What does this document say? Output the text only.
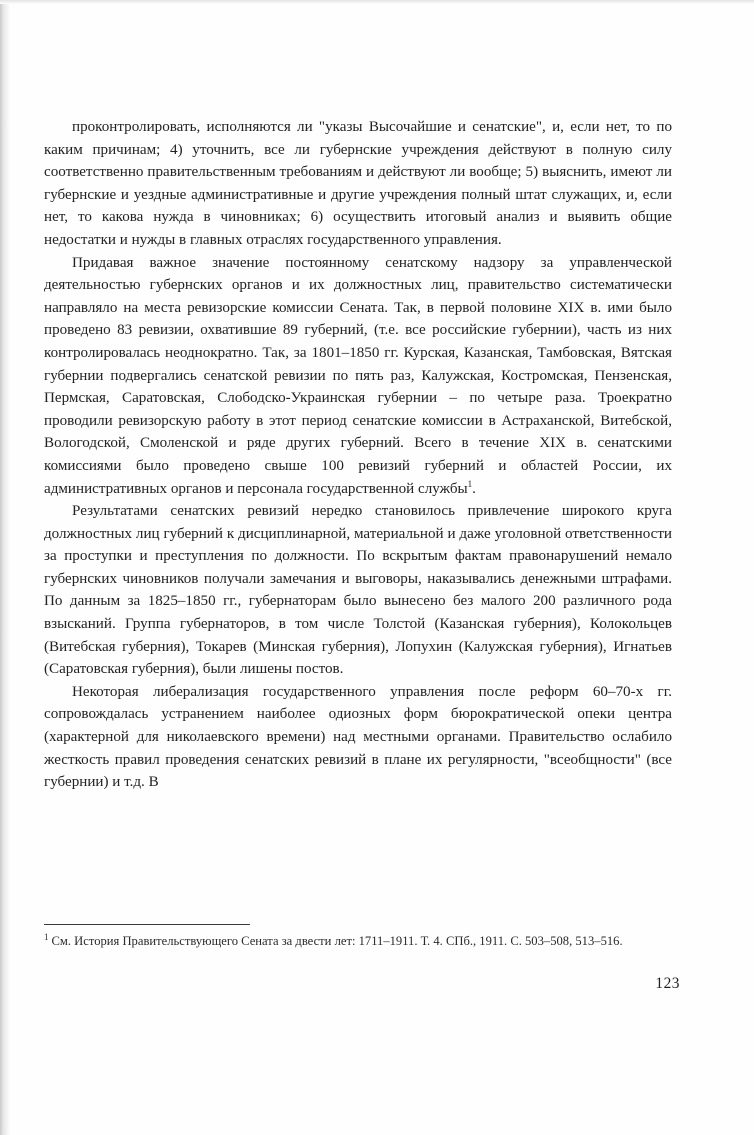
проконтролировать, исполняются ли "указы Высочайшие и сенатские", и, если нет, то по каким причинам; 4) уточнить, все ли губернские учреждения действуют в полную силу соответственно правительственным требованиям и действуют ли вообще; 5) выяснить, имеют ли губернские и уездные административные и другие учреждения полный штат служащих, и, если нет, то какова нужда в чиновниках; 6) осуществить итоговый анализ и выявить общие недостатки и нужды в главных отраслях государственного управления.

Придавая важное значение постоянному сенатскому надзору за управленческой деятельностью губернских органов и их должностных лиц, правительство систематически направляло на места ревизорские комиссии Сената. Так, в первой половине XIX в. ими было проведено 83 ревизии, охватившие 89 губерний, (т.е. все российские губернии), часть из них контролировалась неоднократно. Так, за 1801–1850 гг. Курская, Казанская, Тамбовская, Вятская губернии подвергались сенатской ревизии по пять раз, Калужская, Костромская, Пензенская, Пермская, Саратовская, Слободско-Украинская губернии – по четыре раза. Троекратно проводили ревизорскую работу в этот период сенатские комиссии в Астраханской, Витебской, Вологодской, Смоленской и ряде других губерний. Всего в течение XIX в. сенатскими комиссиями было проведено свыше 100 ревизий губерний и областей России, их административных органов и персонала государственной службы$^1$.

Результатами сенатских ревизий нередко становилось привлечение широкого круга должностных лиц губерний к дисциплинарной, материальной и даже уголовной ответственности за проступки и преступления по должности. По вскрытым фактам правонарушений немало губернских чиновников получали замечания и выговоры, наказывались денежными штрафами. По данным за 1825–1850 гг., губернаторам было вынесено без малого 200 различного рода взысканий. Группа губернаторов, в том числе Толстой (Казанская губерния), Колокольцев (Витебская губерния), Токарев (Минская губерния), Лопухин (Калужская губерния), Игнатьев (Саратовская губерния), были лишены постов.

Некоторая либерализация государственного управления после реформ 60–70-х гг. сопровождалась устранением наиболее одиозных форм бюрократической опеки центра (характерной для николаевского времени) над местными органами. Правительство ослабило жесткость правил проведения сенатских ревизий в плане их регулярности, "всеобщности" (все губернии) и т.д. В

$^1$ См. История Правительствующего Сената за двести лет: 1711–1911. Т. 4. СПб., 1911. С. 503–508, 513–516.
123
